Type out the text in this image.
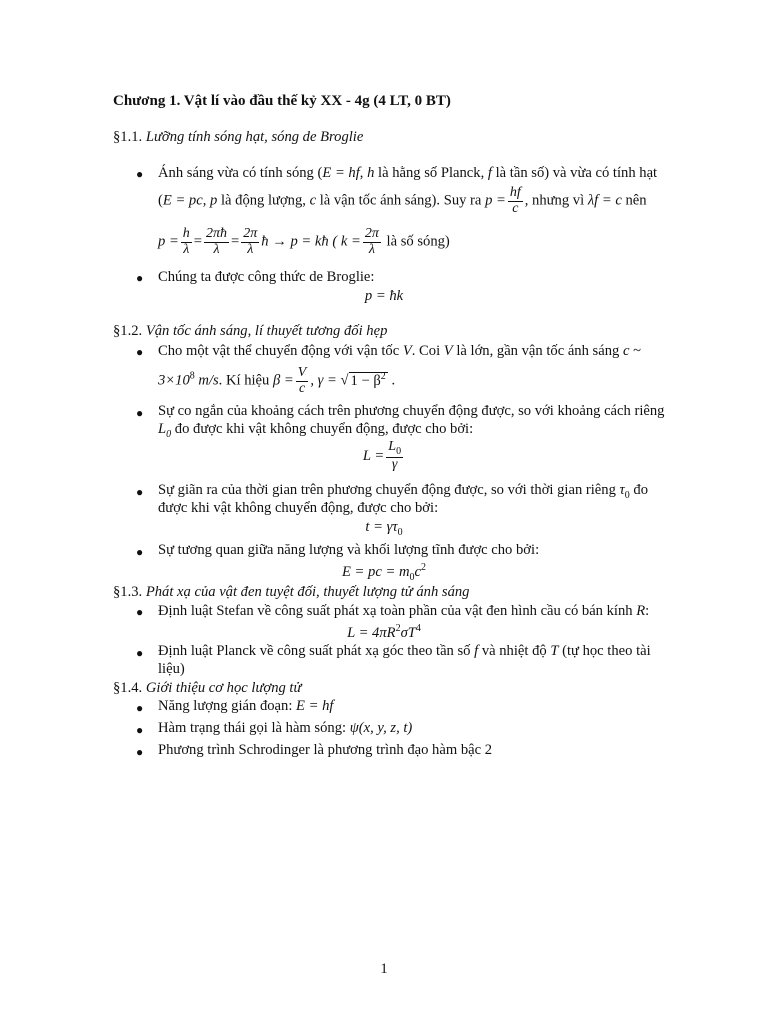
Chương 1. Vật lí vào đầu thế kỷ XX - 4g (4 LT, 0 BT)
§1.1. Lưỡng tính sóng hạt, sóng de Broglie
● Ánh sáng vừa có tính sóng (E = hf, h là hằng số Planck, f là tần số) và vừa có tính hạt
(E = pc, p là động lượng, c là vận tốc ánh sáng). Suy ra $p = \frac{hf}{c}$ , nhưng vì λf = c nên
$p = \frac{h}{\lambda} = \frac{2\pi ħ}{\lambda} = \frac{2\pi}{\lambda}$ ħ → p = kħ ( $k = \frac{2\pi}{\lambda}$ là số sóng)
● Chúng ta được công thức de Broglie:
p = ħk
§1.2. Vận tốc ánh sáng, lí thuyết tương đối hẹp
● Cho một vật thể chuyển động với vận tốc V. Coi V là lớn, gần vận tốc ánh sáng c ~
$3\times 10^8$ m/s. Kí hiệu $\beta = \frac{V}{c}$ , γ = √ $1 - \beta^2$ .
● Sự co ngắn của khoảng cách trên phương chuyển động được, so với khoảng cách riêng
$L_0$ đo được khi vật không chuyển động, được cho bởi:
$L = \frac{L_0}{\gamma}$
● Sự giãn ra của thời gian trên phương chuyển động được, so với thời gian riêng $\tau_0$ đo
được khi vật không chuyển động, được cho bởi:
$t = \gamma\tau_0$
● Sự tương quan giữa năng lượng và khối lượng tĩnh được cho bởi:
E = pc = $m_0c^2$
§1.3. Phát xạ của vật đen tuyệt đối, thuyết lượng tử ánh sáng
● Định luật Stefan về công suất phát xạ toàn phần của vật đen hình cầu có bán kính R:
$L = 4\pi R^2\sigma T^4$
● Định luật Planck về công suất phát xạ góc theo tần số f và nhiệt độ T (tự học theo tài
liệu)
§1.4. Giới thiệu cơ học lượng tử
● Năng lượng gián đoạn: E = hf
● Hàm trạng thái gọi là hàm sóng: ψ(x, y, z, t)
● Phương trình Schrodinger là phương trình đạo hàm bậc 2
1
